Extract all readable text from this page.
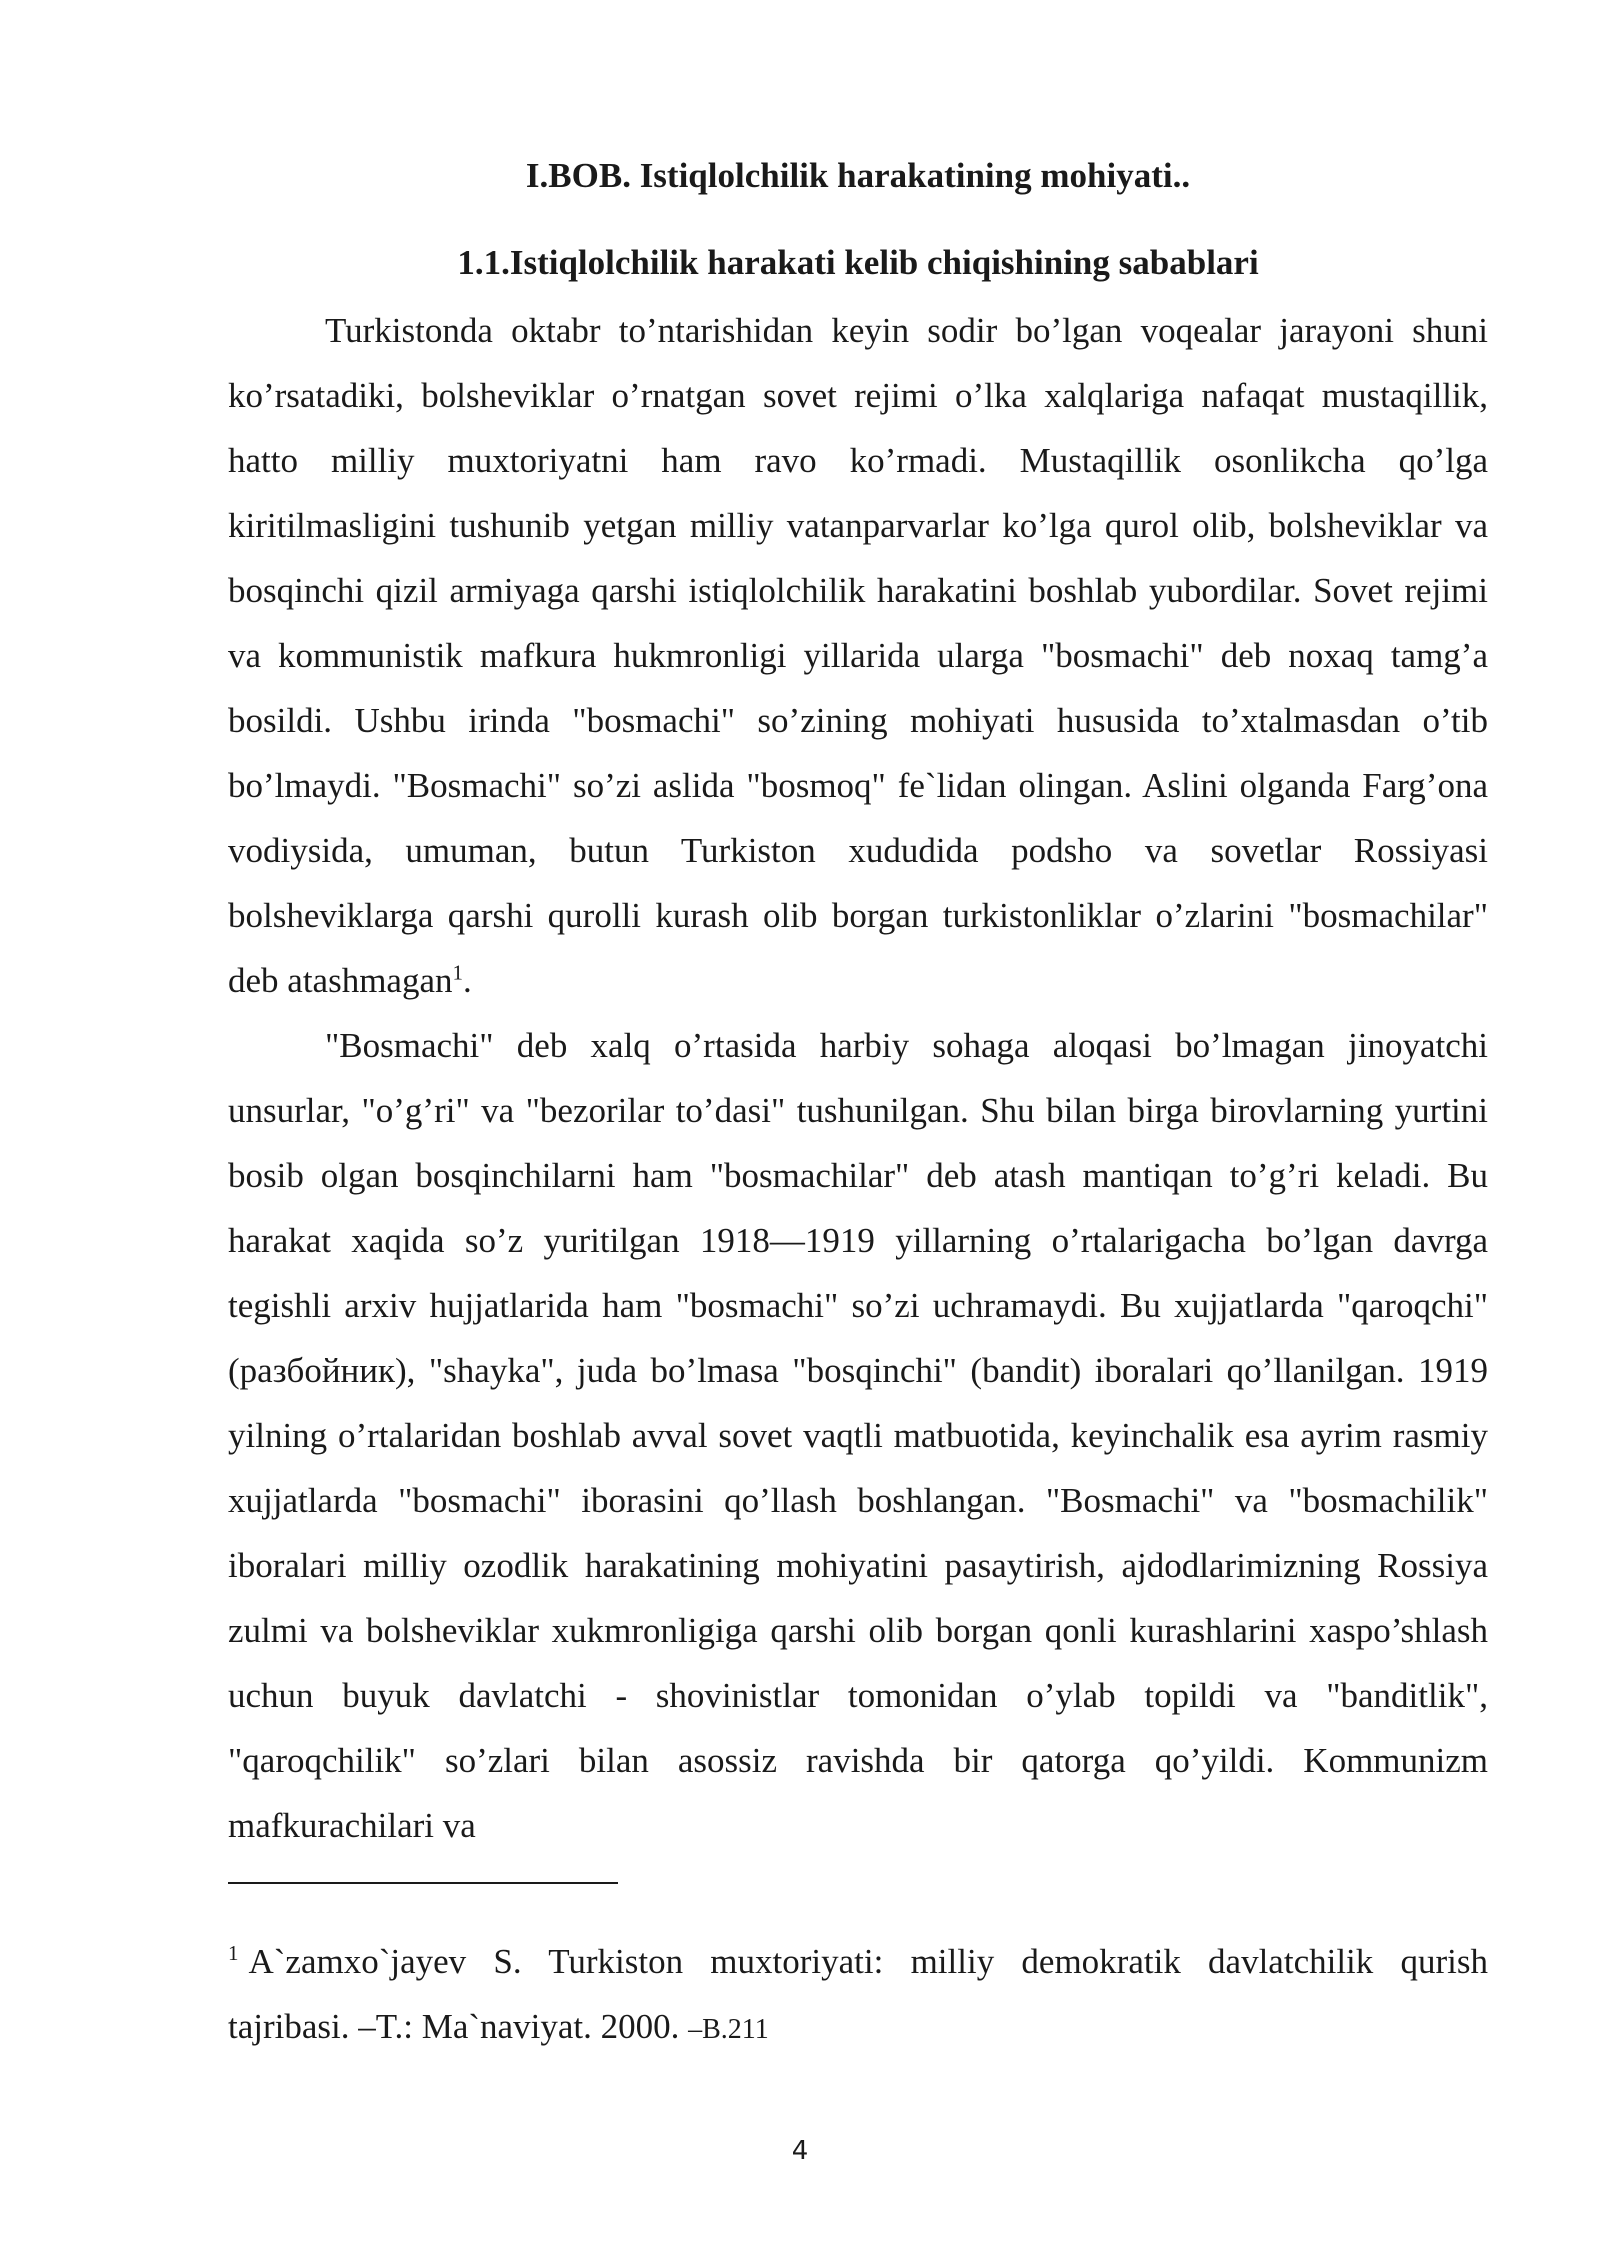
I.BOB. Istiqlolchilik harakatining mohiyati..
1.1.Istiqlolchilik harakati kelib chiqishining sabablari

Turkistonda oktabr to’ntarishidan keyin sodir bo’lgan voqealar jarayoni shuni ko’rsatadiki, bolsheviklar o’rnatgan sovet rejimi o’lka xalqlariga nafaqat mustaqillik, hatto milliy muxtoriyatni ham ravo ko’rmadi. Mustaqillik osonlikcha qo’lga kiritilmasligini tushunib yetgan milliy vatanparvarlar ko’lga qurol olib, bolsheviklar va bosqinchi qizil armiyaga qarshi istiqlolchilik harakatini boshlab yubordilar. Sovet rejimi va kommunistik mafkura hukmronligi yillarida ularga "bosmachi" deb noxaq tamg’a bosildi. Ushbu irinda "bosmachi" so’zining mohiyati hususida to’xtalmasdan o’tib bo’lmaydi. "Bosmachi" so’zi aslida "bosmoq" fe`lidan olingan. Aslini olganda Farg’ona vodiysida, umuman, butun Turkiston xududida podsho va sovetlar Rossiyasi bolsheviklarga qarshi qurolli kurash olib borgan turkistonliklar o’zlarini "bosmachilar" deb atashmagan$^1$.

"Bosmachi" deb xalq o’rtasida harbiy sohaga aloqasi bo’lmagan jinoyatchi unsurlar, "o’g’ri" va "bezorilar to’dasi" tushunilgan. Shu bilan birga birovlarning yurtini bosib olgan bosqinchilarni ham "bosmachilar" deb atash mantiqan to’g’ri keladi. Bu harakat xaqida so’z yuritilgan 1918—1919 yillarning o’rtalarigacha bo’lgan davrga tegishli arxiv hujjatlarida ham "bosmachi" so’zi uchramaydi. Bu xujjatlarda "qaroqchi" (разбойник), "shayka", juda bo’lmasa "bosqinchi" (bandit) iboralari qo’llanilgan. 1919 yilning o’rtalaridan boshlab avval sovet vaqtli matbuotida, keyinchalik esa ayrim rasmiy xujjatlarda "bosmachi" iborasini qo’llash boshlangan. "Bosmachi" va "bosmachilik" iboralari milliy ozodlik harakatining mohiyatini pasaytirish, ajdodlarimizning Rossiya zulmi va bolsheviklar xukmronligiga qarshi olib borgan qonli kurashlarini xaspo’shlash uchun buyuk davlatchi - shovinistlar tomonidan o’ylab topildi va "banditlik", "qaroqchilik" so’zlari bilan asossiz ravishda bir qatorga qo’yildi. Kommunizm mafkurachilari va

$^1$ A`zamxo`jayev S. Turkiston muxtoriyati: milliy demokratik davlatchilik qurish tajribasi. –T.: Ma`naviyat. 2000. –B.211

4
